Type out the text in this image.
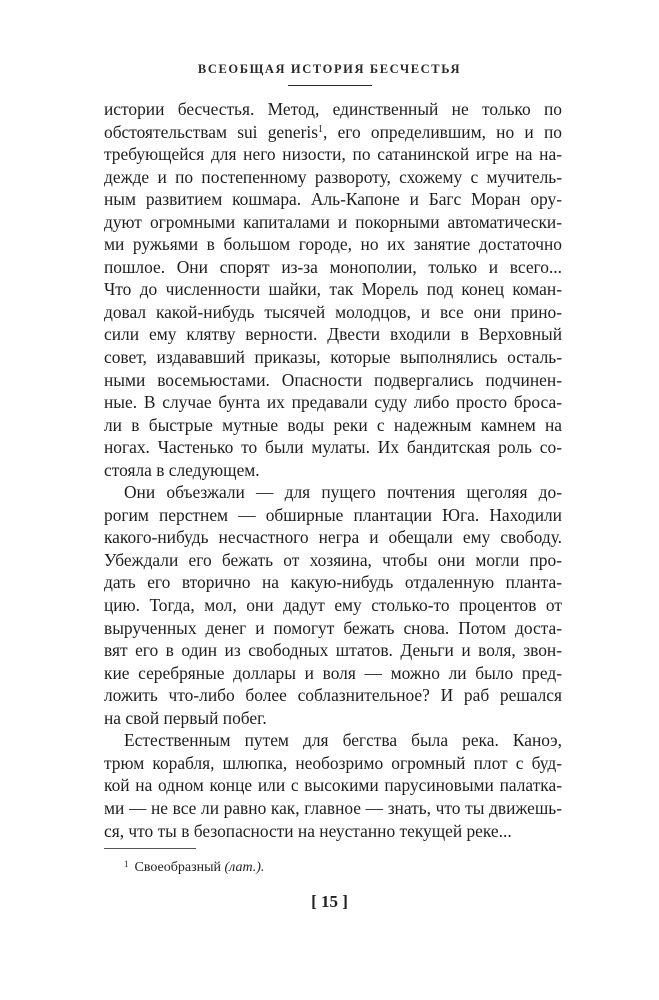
ВСЕОБЩАЯ ИСТОРИЯ БЕСЧЕСТЬЯ

истории бесчестья. Метод, единственный не только по
обстоятельствам sui generis$^1$, его определившим, но и по
требующейся для него низости, по сатанинской игре на на-
дежде и по постепенному развороту, схожему с мучитель-
ным развитием кошмара. Аль-Капоне и Багс Моран ору-
дуют огромными капиталами и покорными автоматически-
ми ружьями в большом городе, но их занятие достаточно
пошлое. Они спорят из-за монополии, только и всего...
Что до численности шайки, так Морель под конец коман-
довал какой-нибудь тысячей молодцов, и все они прино-
сили ему клятву верности. Двести входили в Верховный
совет, издававший приказы, которые выполнялись осталь-
ными восемьюстами. Опасности подвергались подчинен-
ные. В случае бунта их предавали суду либо просто броса-
ли в быстрые мутные воды реки с надежным камнем на
ногах. Частенько то были мулаты. Их бандитская роль со-
стояла в следующем.

Они объезжали — для пущего почтения щеголяя до-
рогим перстнем — обширные плантации Юга. Находили
какого-нибудь несчастного негра и обещали ему свободу.
Убеждали его бежать от хозяина, чтобы они могли про-
дать его вторично на какую-нибудь отдаленную планта-
цию. Тогда, мол, они дадут ему столько-то процентов от
вырученных денег и помогут бежать снова. Потом доста-
вят его в один из свободных штатов. Деньги и воля, звон-
кие серебряные доллары и воля — можно ли было пред-
ложить что-либо более соблазнительное? И раб решался
на свой первый побег.

Естественным путем для бегства была река. Каноэ,
трюм корабля, шлюпка, необозримо огромный плот с буд-
кой на одном конце или с высокими парусиновыми палатка-
ми — не все ли равно как, главное — знать, что ты движешь-
ся, что ты в безопасности на неустанно текущей реке...

$^1$ Своеобразный (лат.).
[ 15 ]
